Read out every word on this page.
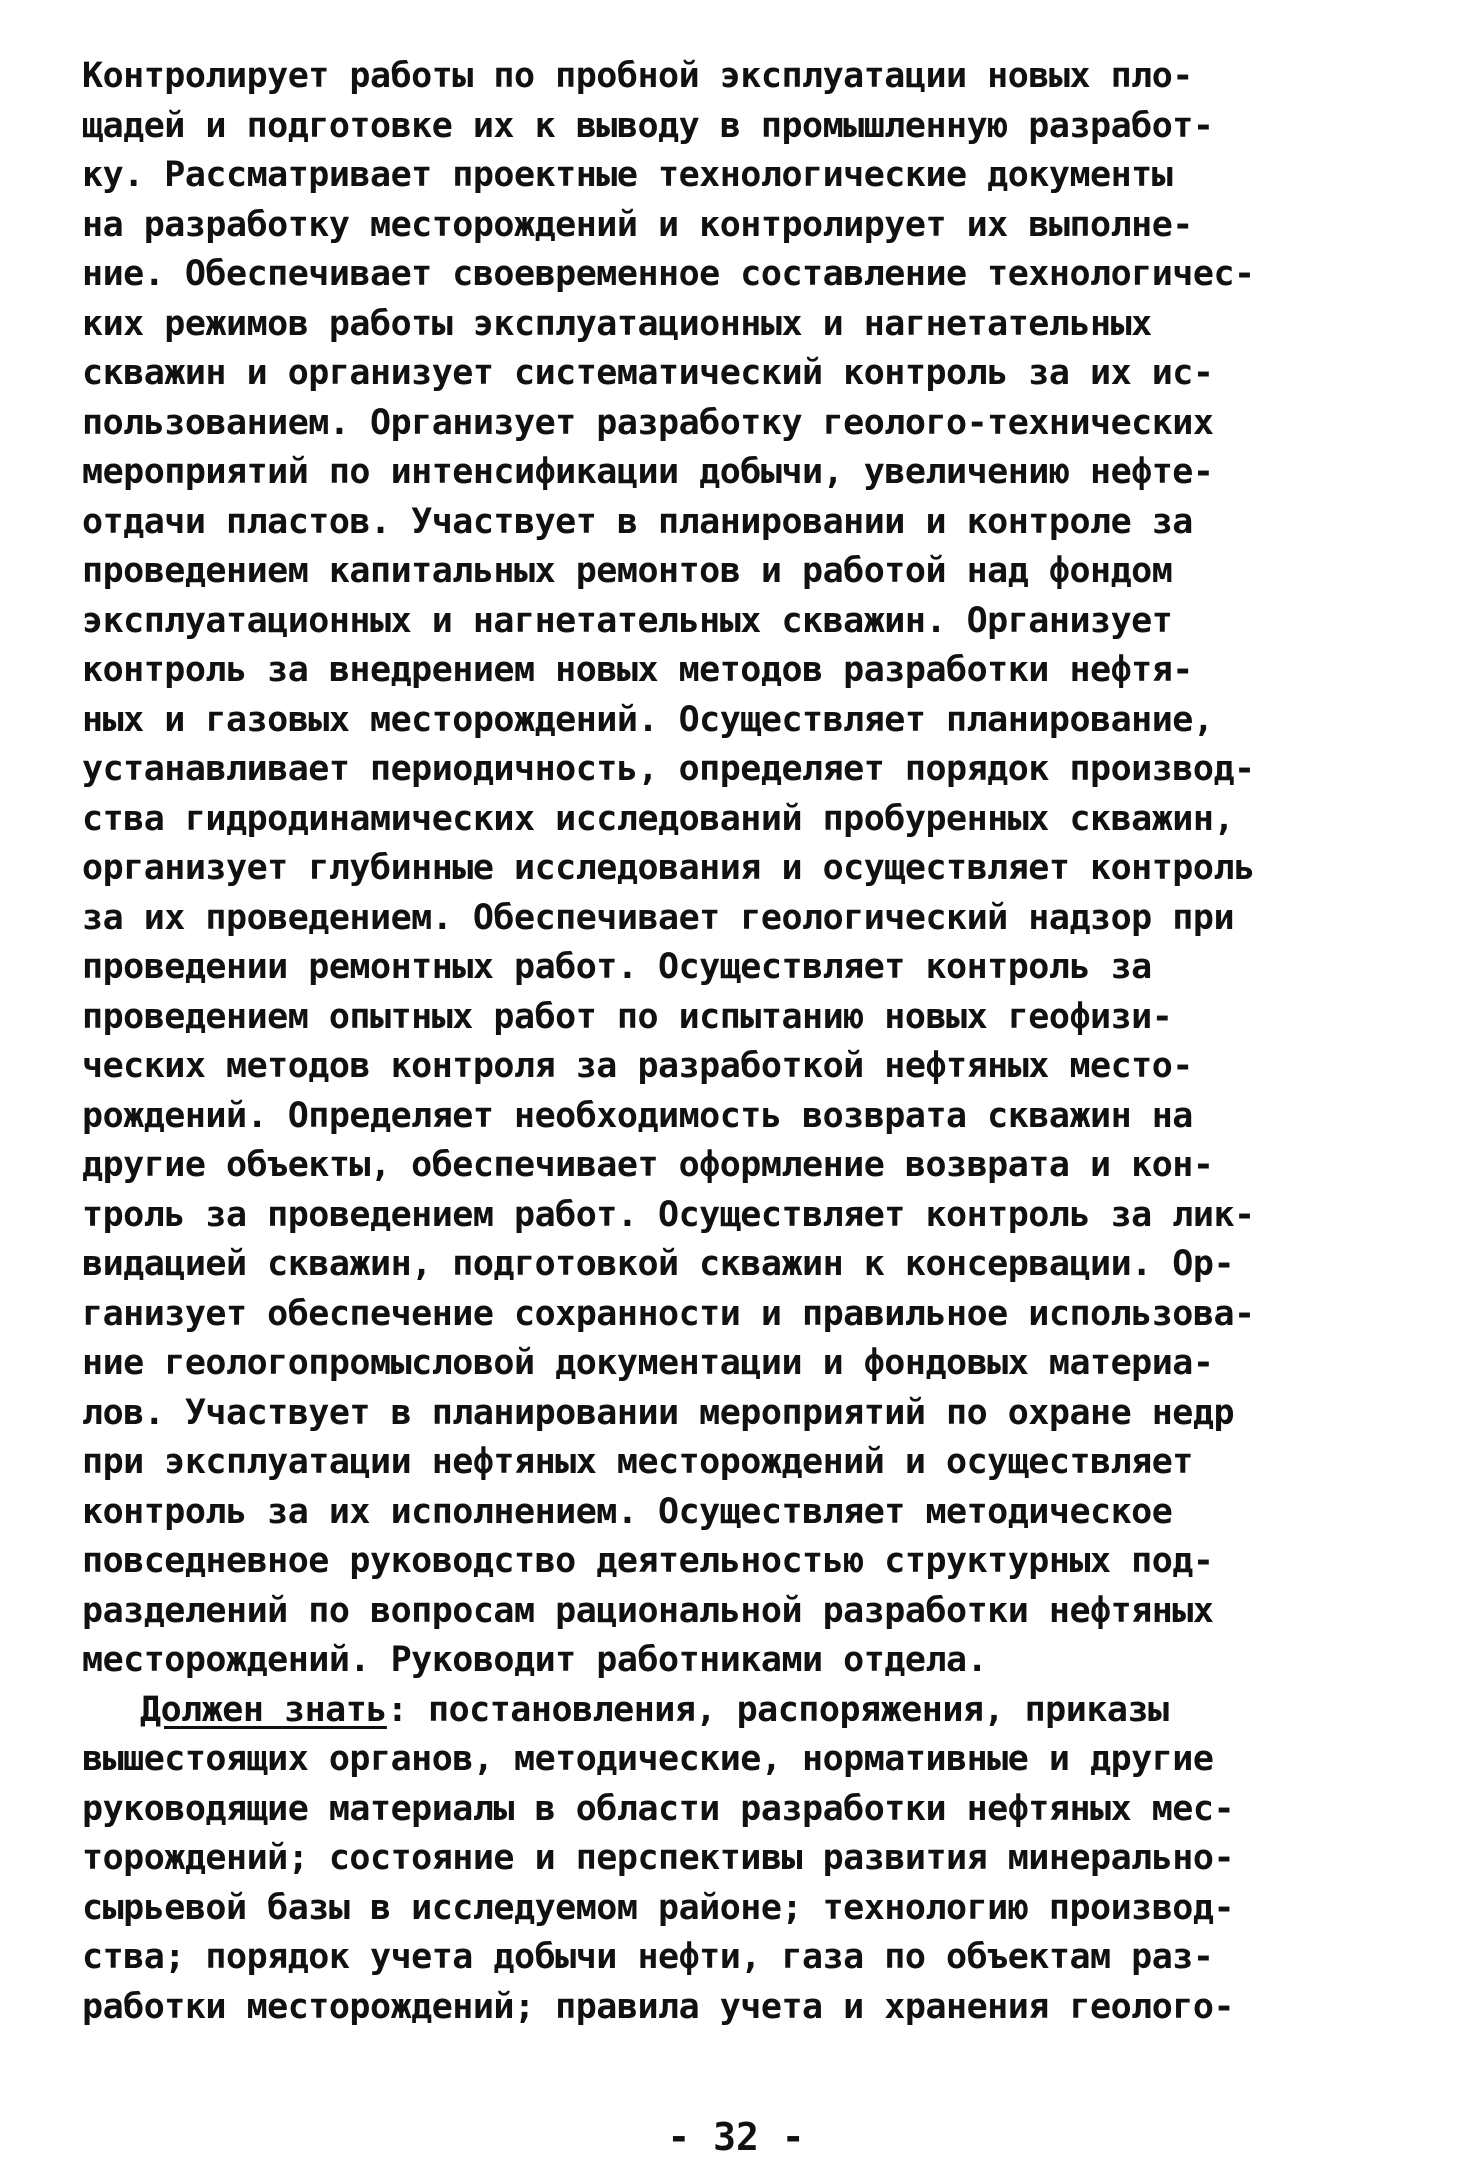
Контролирует работы по пробной эксплуатации новых пло-
щадей и подготовке их к выводу в промышленную разработ-
ку. Рассматривает проектные технологические документы
на разработку месторождений и контролирует их выполне-
ние. Обеспечивает своевременное составление технологичес-
ких режимов работы эксплуатационных и нагнетательных
скважин и организует систематический контроль за их ис-
пользованием. Организует разработку геолого-технических
мероприятий по интенсификации добычи, увеличению нефте-
отдачи пластов. Участвует в планировании и контроле за
проведением капитальных ремонтов и работой над фондом
эксплуатационных и нагнетательных скважин. Организует
контроль за внедрением новых методов разработки нефтя-
ных и газовых месторождений. Осуществляет планирование,
устанавливает периодичность, определяет порядок производ-
ства гидродинамических исследований пробуренных скважин,
организует глубинные исследования и осуществляет контроль
за их проведением. Обеспечивает геологический надзор при
проведении ремонтных работ. Осуществляет контроль за
проведением опытных работ по испытанию новых геофизи-
ческих методов контроля за разработкой нефтяных место-
рождений. Определяет необходимость возврата скважин на
другие объекты, обеспечивает оформление возврата и кон-
троль за проведением работ. Осуществляет контроль за лик-
видацией скважин, подготовкой скважин к консервации. Ор-
ганизует обеспечение сохранности и правильное использова-
ние геологопромысловой документации и фондовых материа-
лов. Участвует в планировании мероприятий по охране недр
при эксплуатации нефтяных месторождений и осуществляет
контроль за их исполнением. Осуществляет методическое
повседневное руководство деятельностью структурных под-
разделений по вопросам рациональной разработки нефтяных
месторождений. Руководит работниками отдела.
Должен знать: постановления, распоряжения, приказы
вышестоящих органов, методические, нормативные и другие
руководящие материалы в области разработки нефтяных мес-
торождений; состояние и перспективы развития минерально-
сырьевой базы в исследуемом районе; технологию производ-
ства; порядок учета добычи нефти, газа по объектам раз-
работки месторождений; правила учета и хранения геолого-
- 32 -
